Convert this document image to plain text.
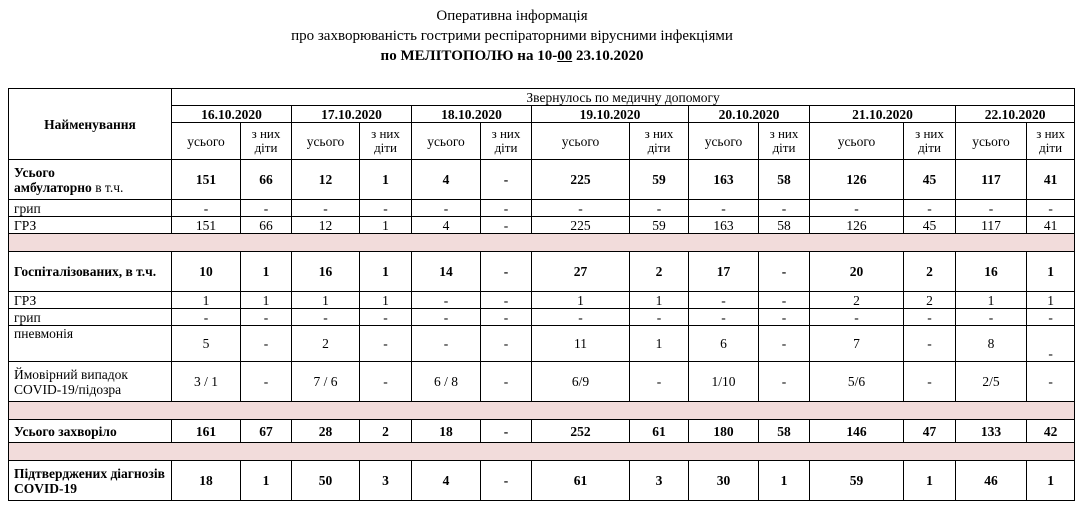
Оперативна інформація
про захворюваність гострими респіраторними вірусними інфекціями
по МЕЛІТОПОЛЮ на 10-00 23.10.2020
Найменування	Звернулось по медичну допомогу													
	16.10.2020		17.10.2020		18.10.2020		19.10.2020		20.10.2020		21.10.2020		22.10.2020	
	усього	з них діти	усього	з них діти	усього	з них діти	усього	з них діти	усього	з них діти	усього	з них діти	усього	з них діти
Усього
амбулаторно в т.ч.	151	66	12	1	4	-	225	59	163	58	126	45	117	41
грип	-	-	-	-	-	-	-	-	-	-	-	-	-	-
ГРЗ	151	66	12	1	4	-	225	59	163	58	126	45	117	41

Госпіталізованих, в т.ч.	10	1	16	1	14	-	27	2	17	-	20	2	16	1
ГРЗ	1	1	1	1	-	-	1	1	-	-	2	2	1	1
грип	-	-	-	-	-	-	-	-	-	-	-	-	-	-
пневмонія	5	-	2	-	-	-	11	1	6	-	7	-	8	-
Ймовірний випадок COVID-19/підозра	3 / 1	-	7 / 6	-	6 / 8	-	6/9	-	1/10	-	5/6	-	2/5	-

Усього захворіло	161	67	28	2	18	-	252	61	180	58	146	47	133	42

Підтверджених діагнозів COVID-19	18	1	50	3	4	-	61	3	30	1	59	1	46	1
